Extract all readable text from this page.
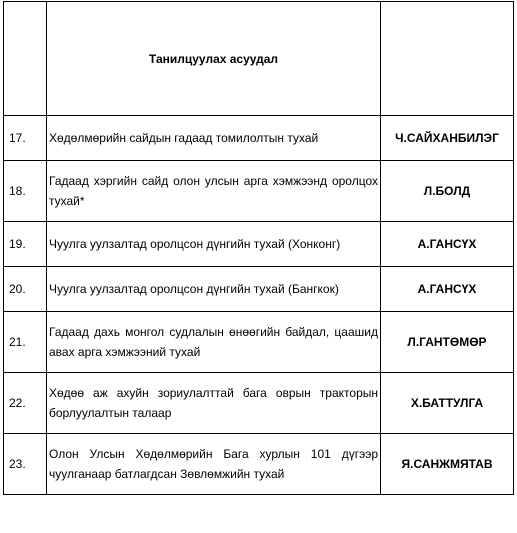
	Танилцуулах асуудал	
17.	Хөдөлмөрийн сайдын гадаад томилолтын тухай	Ч.САЙХАНБИЛЭГ
18.	Гадаад хэргийн сайд олон улсын арга хэмжээнд оролцох тухай*	Л.БОЛД
19.	Чуулга уулзалтад оролцсон дүнгийн тухай (Хонконг)	А.ГАНСҮХ
20.	Чуулга уулзалтад оролцсон дүнгийн тухай (Бангкок)	А.ГАНСҮХ
21.	Гадаад дахь монгол судлалын өнөөгийн байдал, цаашид авах арга хэмжээний тухай	Л.ГАНТӨМӨР
22.	Хөдөө аж ахуйн зориулалттай бага оврын тракторын борлуулалтын талаар	Х.БАТТУЛГА
23.	Олон Улсын Хөдөлмөрийн Бага хурлын 101 дүгээр чуулганаар батлагдсан Зөвлөмжийн тухай	Я.САНЖМЯТАВ
